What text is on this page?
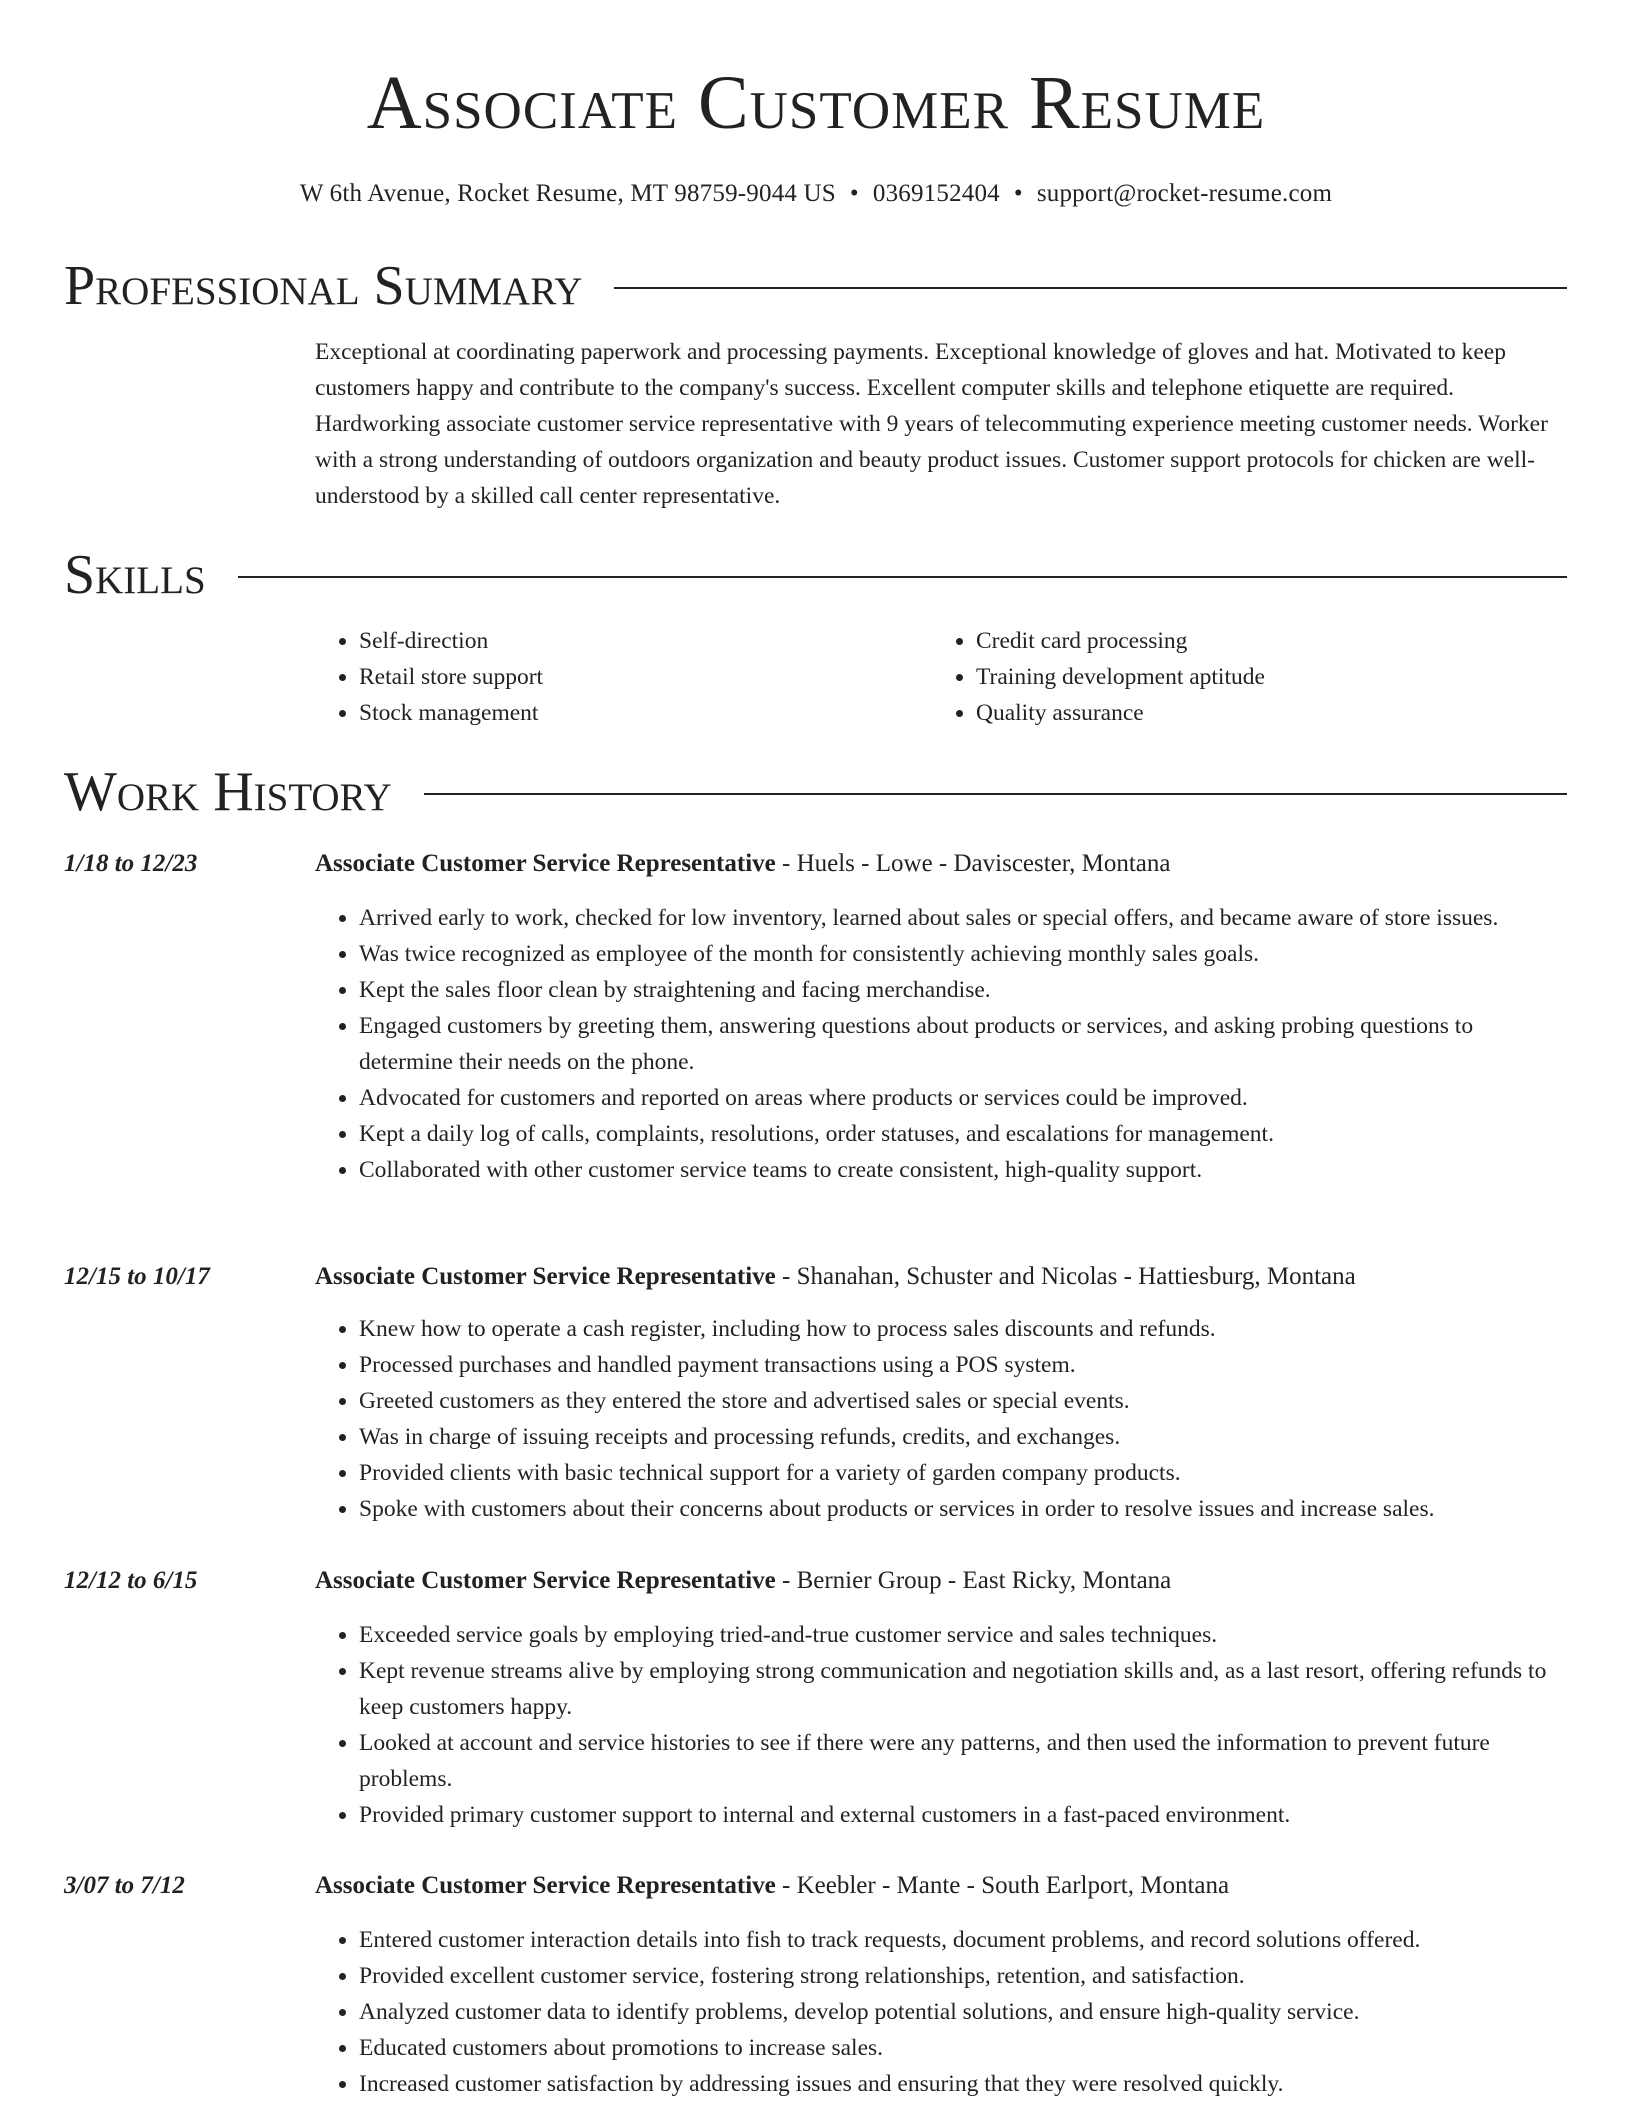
Associate Customer Resume
W 6th Avenue, Rocket Resume, MT 98759-9044 US • 0369152404 • support@rocket-resume.com
Professional Summary

Exceptional at coordinating paperwork and processing payments. Exceptional knowledge of gloves and hat. Motivated to keep customers happy and contribute to the company's success. Excellent computer skills and telephone etiquette are required. Hardworking associate customer service representative with 9 years of telecommuting experience meeting customer needs. Worker with a strong understanding of outdoors organization and beauty product issues. Customer support protocols for chicken are well-understood by a skilled call center representative.

Skills
• Self-direction
• Retail store support
• Stock management
• Credit card processing
• Training development aptitude
• Quality assurance
Work History
1/18 to 12/23	Associate Customer Service Representative - Huels - Lowe - Daviscester, Montana
• Arrived early to work, checked for low inventory, learned about sales or special offers, and became aware of store issues.
• Was twice recognized as employee of the month for consistently achieving monthly sales goals.
• Kept the sales floor clean by straightening and facing merchandise.
• Engaged customers by greeting them, answering questions about products or services, and asking probing questions to determine their needs on the phone.
• Advocated for customers and reported on areas where products or services could be improved.
• Kept a daily log of calls, complaints, resolutions, order statuses, and escalations for management.
• Collaborated with other customer service teams to create consistent, high-quality support.
12/15 to 10/17	Associate Customer Service Representative - Shanahan, Schuster and Nicolas - Hattiesburg, Montana
• Knew how to operate a cash register, including how to process sales discounts and refunds.
• Processed purchases and handled payment transactions using a POS system.
• Greeted customers as they entered the store and advertised sales or special events.
• Was in charge of issuing receipts and processing refunds, credits, and exchanges.
• Provided clients with basic technical support for a variety of garden company products.
• Spoke with customers about their concerns about products or services in order to resolve issues and increase sales.
12/12 to 6/15	Associate Customer Service Representative - Bernier Group - East Ricky, Montana
• Exceeded service goals by employing tried-and-true customer service and sales techniques.
• Kept revenue streams alive by employing strong communication and negotiation skills and, as a last resort, offering refunds to keep customers happy.
• Looked at account and service histories to see if there were any patterns, and then used the information to prevent future problems.
• Provided primary customer support to internal and external customers in a fast-paced environment.
3/07 to 7/12	Associate Customer Service Representative - Keebler - Mante - South Earlport, Montana
• Entered customer interaction details into fish to track requests, document problems, and record solutions offered.
• Provided excellent customer service, fostering strong relationships, retention, and satisfaction.
• Analyzed customer data to identify problems, develop potential solutions, and ensure high-quality service.
• Educated customers about promotions to increase sales.
• Increased customer satisfaction by addressing issues and ensuring that they were resolved quickly.
